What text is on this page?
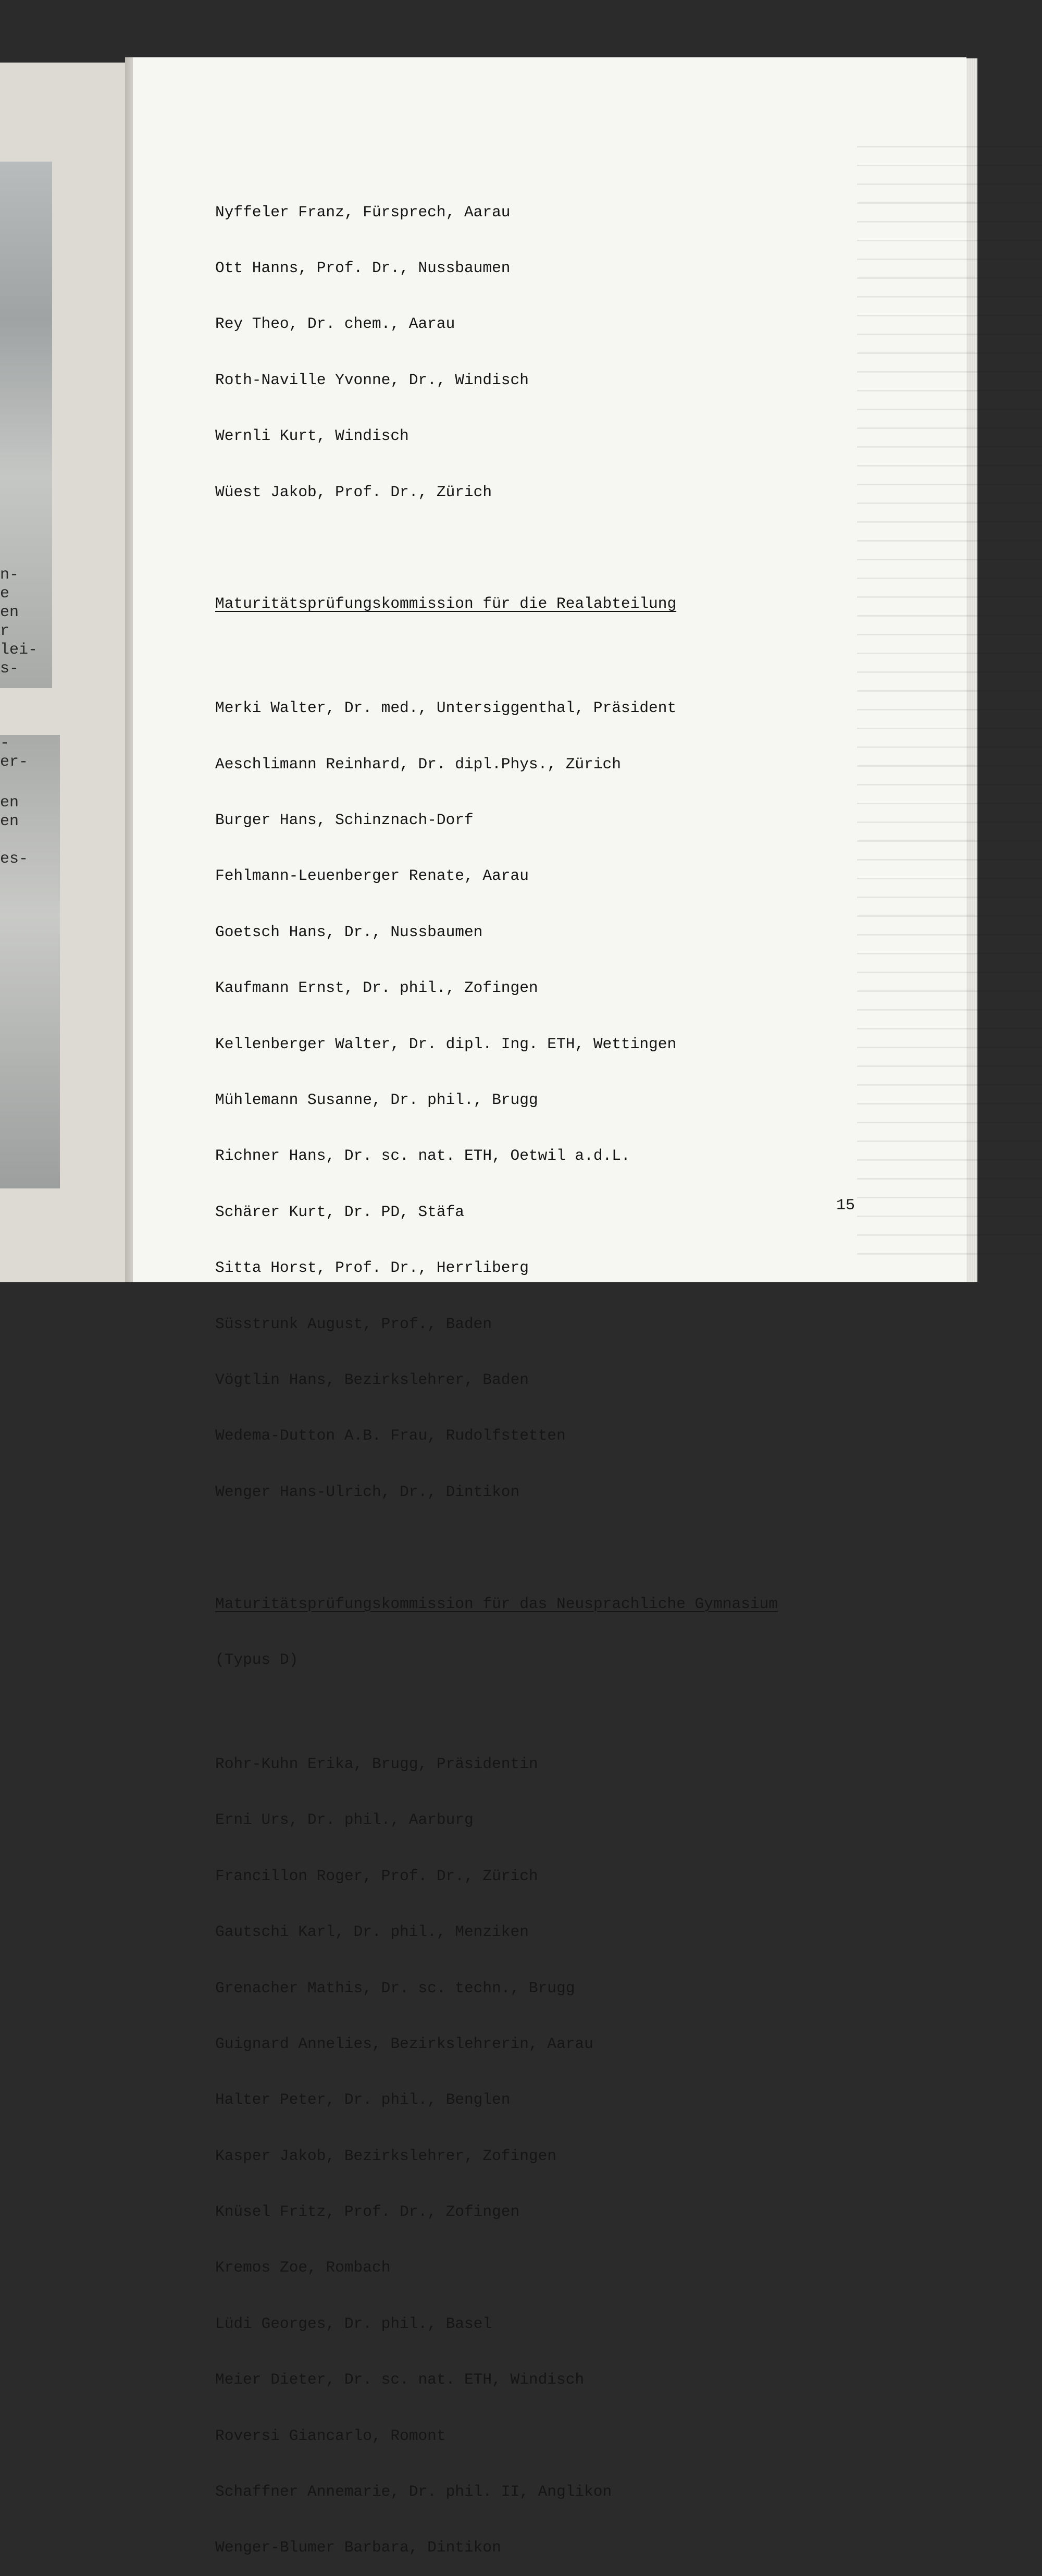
n-
e
en
r
lei-
s-
-
er-
en
en
es-

Nyffeler Franz, Fürsprech, Aarau

Ott Hanns, Prof. Dr., Nussbaumen

Rey Theo, Dr. chem., Aarau

Roth-Naville Yvonne, Dr., Windisch

Wernli Kurt, Windisch

Wüest Jakob, Prof. Dr., Zürich

Maturitätsprüfungskommission für die Realabteilung

Merki Walter, Dr. med., Untersiggenthal, Präsident

Aeschlimann Reinhard, Dr. dipl.Phys., Zürich

Burger Hans, Schinznach-Dorf

Fehlmann-Leuenberger Renate, Aarau

Goetsch Hans, Dr., Nussbaumen

Kaufmann Ernst, Dr. phil., Zofingen

Kellenberger Walter, Dr. dipl. Ing. ETH, Wettingen

Mühlemann Susanne, Dr. phil., Brugg

Richner Hans, Dr. sc. nat. ETH, Oetwil a.d.L.

Schärer Kurt, Dr. PD, Stäfa

Sitta Horst, Prof. Dr., Herrliberg

Süsstrunk August, Prof., Baden

Vögtlin Hans, Bezirkslehrer, Baden

Wedema-Dutton A.B. Frau, Rudolfstetten

Wenger Hans-Ulrich, Dr., Dintikon

Maturitätsprüfungskommission für das Neusprachliche Gymnasium

(Typus D)

Rohr-Kuhn Erika, Brugg, Präsidentin

Erni Urs, Dr. phil., Aarburg

Francillon Roger, Prof. Dr., Zürich

Gautschi Karl, Dr. phil., Menziken

Grenacher Mathis, Dr. sc. techn., Brugg

Guignard Annelies, Bezirkslehrerin, Aarau

Halter Peter, Dr. phil., Benglen

Kasper Jakob, Bezirkslehrer, Zofingen

Knüsel Fritz, Prof. Dr., Zofingen

Kremos Zoe, Rombach

Lüdi Georges, Dr. phil., Basel

Meier Dieter, Dr. sc. nat. ETH, Windisch

Roversi Giancarlo, Romont

Schaffner Annemarie, Dr. phil. II, Anglikon

Wenger-Blumer Barbara, Dintikon

15
